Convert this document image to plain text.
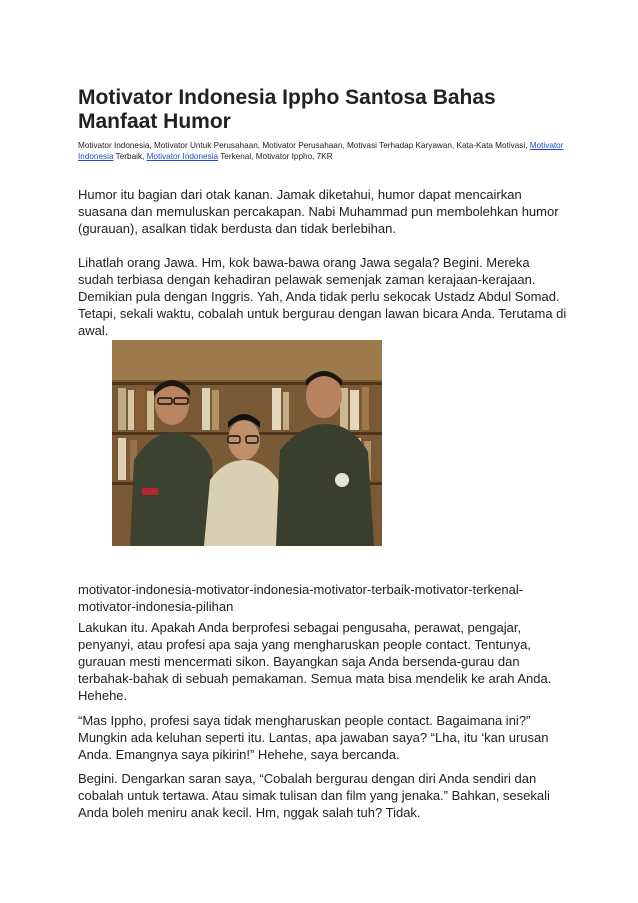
Motivator Indonesia Ippho Santosa Bahas Manfaat Humor
Motivator Indonesia, Motivator Untuk Perusahaan, Motivator Perusahaan, Motivasi Terhadap Karyawan, Kata-Kata Motivasi, Motivator Indonesia Terbaik, Motivator Indonesia Terkenal, Motivator Ippho, 7KR

Humor itu bagian dari otak kanan. Jamak diketahui, humor dapat mencairkan suasana dan memuluskan percakapan. Nabi Muhammad pun membolehkan humor (gurauan), asalkan tidak berdusta dan tidak berlebihan.

Lihatlah orang Jawa. Hm, kok bawa-bawa orang Jawa segala? Begini. Mereka sudah terbiasa dengan kehadiran pelawak semenjak zaman kerajaan-kerajaan. Demikian pula dengan Inggris. Yah, Anda tidak perlu sekocak Ustadz Abdul Somad. Tetapi, sekali waktu, cobalah untuk bergurau dengan lawan bicara Anda. Terutama di awal.

motivator-indonesia-motivator-indonesia-motivator-terbaik-motivator-terkenal-motivator-indonesia-pilihan

Lakukan itu. Apakah Anda berprofesi sebagai pengusaha, perawat, pengajar, penyanyi, atau profesi apa saja yang mengharuskan people contact. Tentunya, gurauan mesti mencermati sikon. Bayangkan saja Anda bersenda-gurau dan terbahak-bahak di sebuah pemakaman. Semua mata bisa mendelik ke arah Anda. Hehehe.

“Mas Ippho, profesi saya tidak mengharuskan people contact. Bagaimana ini?” Mungkin ada keluhan seperti itu. Lantas, apa jawaban saya? “Lha, itu ‘kan urusan Anda. Emangnya saya pikirin!” Hehehe, saya bercanda.

Begini. Dengarkan saran saya, “Cobalah bergurau dengan diri Anda sendiri dan cobalah untuk tertawa. Atau simak tulisan dan film yang jenaka.” Bahkan, sesekali Anda boleh meniru anak kecil. Hm, nggak salah tuh? Tidak.
